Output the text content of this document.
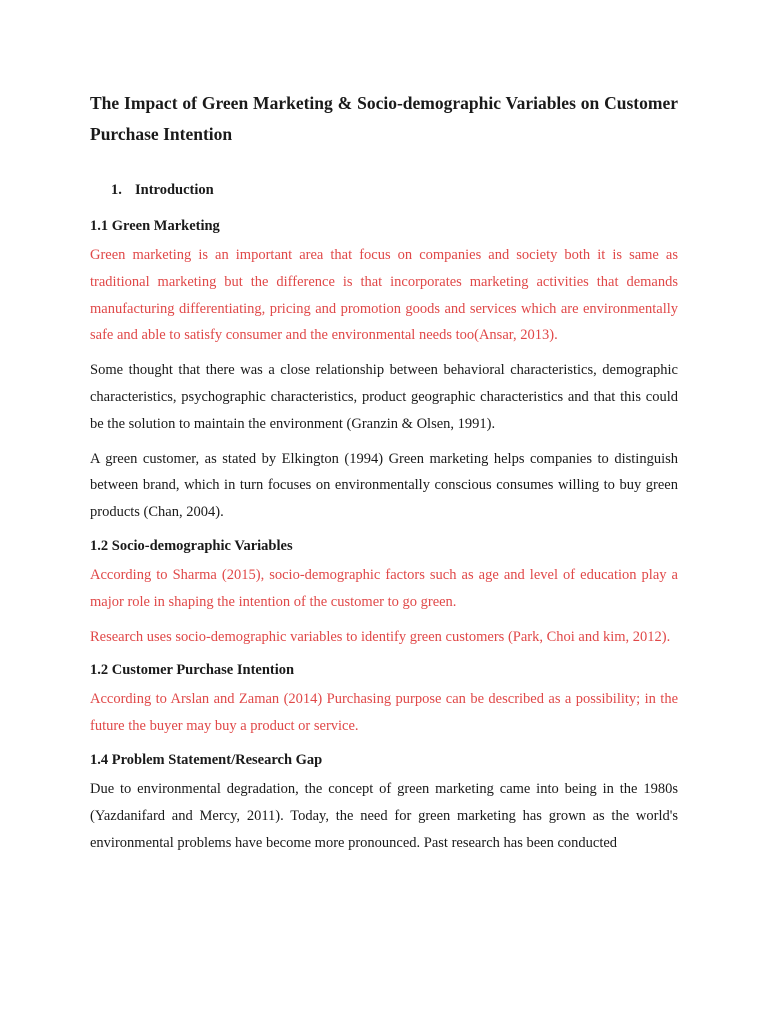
The Impact of Green Marketing & Socio-demographic Variables on Customer Purchase Intention
1. Introduction
1.1 Green Marketing
Green marketing is an important area that focus on companies and society both it is same as traditional marketing but the difference is that incorporates marketing activities that demands manufacturing differentiating, pricing and promotion goods and services which are environmentally safe and able to satisfy consumer and the environmental needs too(Ansar, 2013).
Some thought that there was a close relationship between behavioral characteristics, demographic characteristics, psychographic characteristics, product geographic characteristics and that this could be the solution to maintain the environment (Granzin & Olsen, 1991).
A green customer, as stated by Elkington (1994) Green marketing helps companies to distinguish between brand, which in turn focuses on environmentally conscious consumes willing to buy green products (Chan, 2004).
1.2 Socio-demographic Variables
According to Sharma (2015), socio-demographic factors such as age and level of education play a major role in shaping the intention of the customer to go green.
Research uses socio-demographic variables to identify green customers (Park, Choi and kim, 2012).
1.2 Customer Purchase Intention
According to Arslan and Zaman (2014) Purchasing purpose can be described as a possibility; in the future the buyer may buy a product or service.
1.4 Problem Statement/Research Gap
Due to environmental degradation, the concept of green marketing came into being in the 1980s (Yazdanifard and Mercy, 2011). Today, the need for green marketing has grown as the world's environmental problems have become more pronounced. Past research has been conducted
